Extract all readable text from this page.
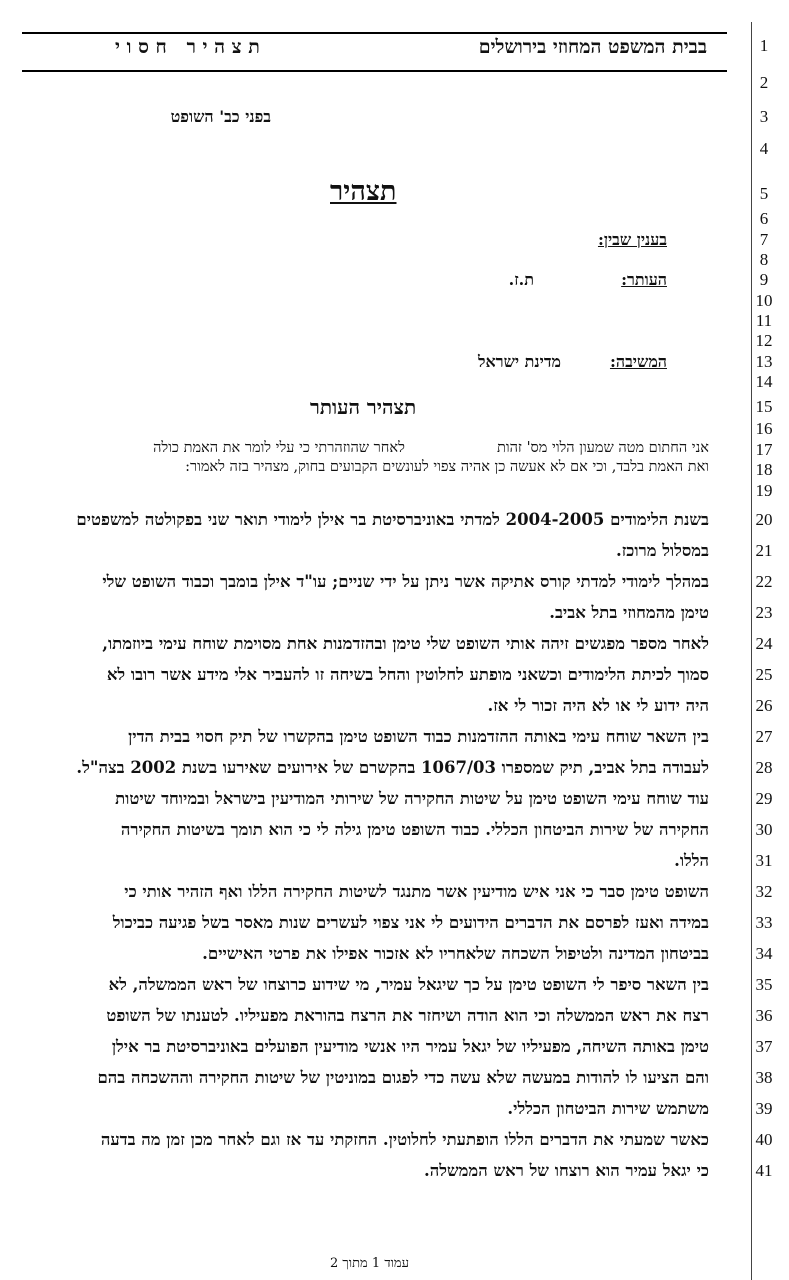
בבית המשפט המחוזי בירושלים
ת צ ה י ר   ח ס ו י
בפני כב' השופט
תצהיר
בענין שבין:
העותר:
ת.ז.
המשיבה:
מדינת ישראל
תצהיר העותר
אני החתום מטה שמעון הלוי מס' זהות                    לאחר שהוזהרתי כי עלי לומר את האמת כולה
ואת האמת בלבד, וכי אם לא אעשה כן אהיה צפוי לעונשים הקבועים בחוק, מצהיר בזה לאמור:
בשנת הלימודים 2004-2005 למדתי באוניברסיטת בר אילן לימודי תואר שני בפקולטה למשפטים
במסלול מרוכז.
במהלך לימודי למדתי קורס אתיקה אשר ניתן על ידי שניים; עו"ד אילן בומבך וכבוד השופט שלי
טימן מהמחוזי בתל אביב.
לאחר מספר מפגשים זיהה אותי השופט שלי טימן ובהזדמנות אחת מסוימת שוחח עימי ביוזמתו,
סמוך לכיתת הלימודים וכשאני מופתע לחלוטין והחל בשיחה זו להעביר אלי מידע אשר רובו לא
היה ידוע לי או לא היה זכור לי אז.
בין השאר שוחח עימי באותה ההזדמנות כבוד השופט טימן בהקשרו של תיק חסוי בבית הדין
לעבודה בתל אביב, תיק שמספרו 1067/03 בהקשרם של אירועים שאירעו בשנת 2002 בצה"ל.
עוד שוחח עימי השופט טימן על שיטות החקירה של שירותי המודיעין בישראל ובמיוחד שיטות
החקירה של שירות הביטחון הכללי. כבוד השופט טימן גילה לי כי הוא תומך בשיטות החקירה
הללו.
השופט טימן סבר כי אני איש מודיעין אשר מתנגד לשיטות החקירה הללו ואף הזהיר אותי כי
במידה ואעז לפרסם את הדברים הידועים לי אני צפוי לעשרים שנות מאסר בשל פגיעה כביכול
בביטחון המדינה ולטיפול השכחה שלאחריו לא אזכור אפילו את פרטי האישיים.
בין השאר סיפר לי השופט טימן על כך שיגאל עמיר, מי שידוע כרוצחו של ראש הממשלה, לא
רצח את ראש הממשלה וכי הוא הודה ושיחזר את הרצח בהוראת מפעיליו. לטענתו של השופט
טימן באותה השיחה, מפעיליו של יגאל עמיר היו אנשי מודיעין הפועלים באוניברסיטת בר אילן
והם הציעו לו להודות במעשה שלא עשה כדי לפגום במוניטין של שיטות החקירה וההשכחה בהם
משתמש שירות הביטחון הכללי.
כאשר שמעתי את הדברים הללו הופתעתי לחלוטין. החזקתי עד אז וגם לאחר מכן זמן מה בדעה
כי יגאל עמיר הוא רוצחו של ראש הממשלה.
1
2
3
4
5
6
7
8
9
10
11
12
13
14
15
16
17
18
19
20
21
22
23
24
25
26
27
28
29
30
31
32
33
34
35
36
37
38
39
40
41
עמוד 1 מתוך 2
